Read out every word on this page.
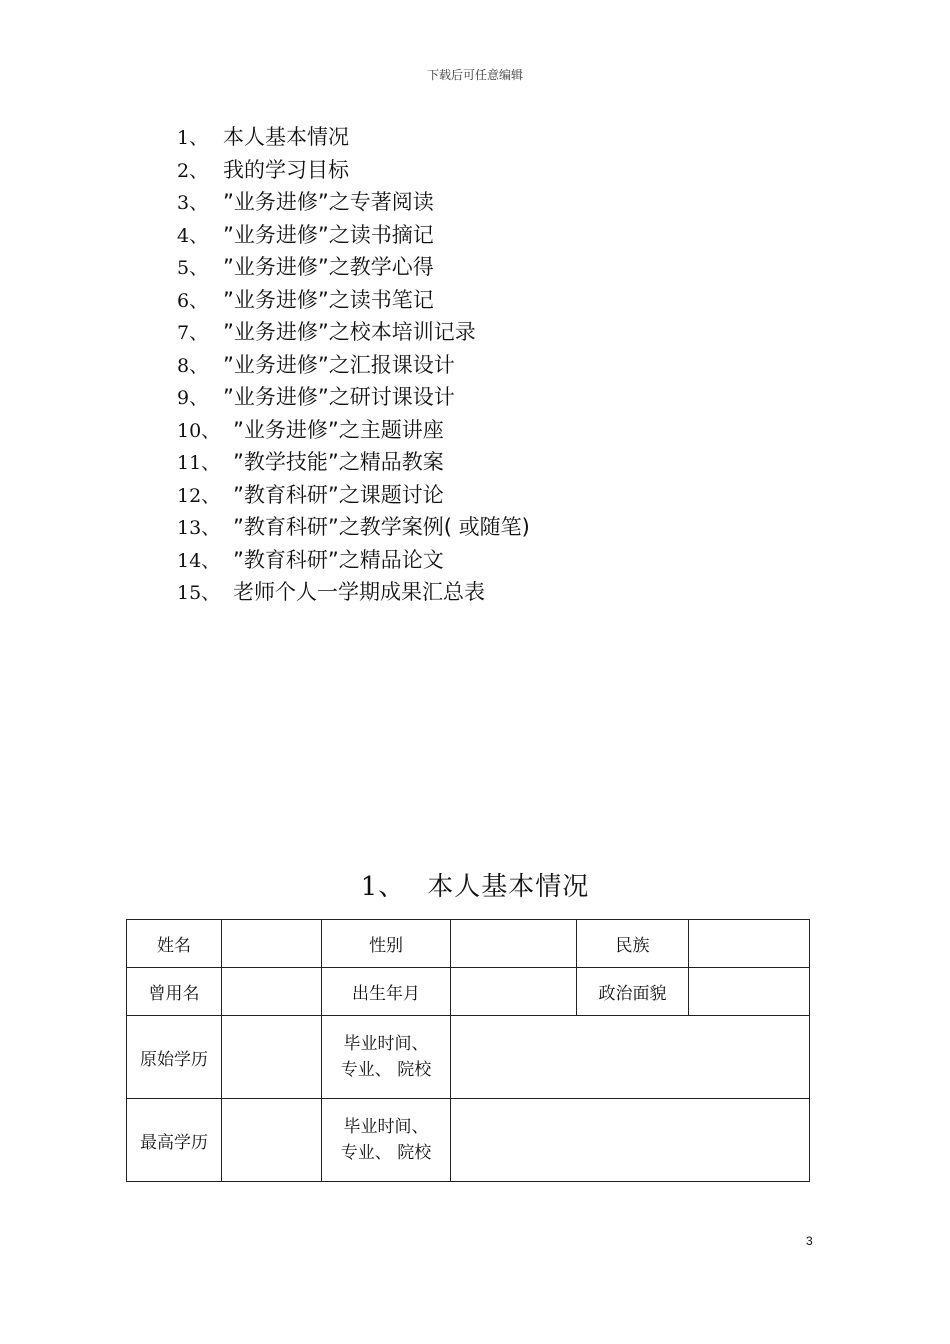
下载后可任意编辑
1、 本人基本情况
2、 我的学习目标
3、 ”业务进修”之专著阅读
4、 ”业务进修”之读书摘记
5、 ”业务进修”之教学心得
6、 ”业务进修”之读书笔记
7、 ”业务进修”之校本培训记录
8、 ”业务进修”之汇报课设计
9、 ”业务进修”之研讨课设计
10、 ”业务进修”之主题讲座
11、 ”教学技能”之精品教案
12、 ”教育科研”之课题讨论
13、 ”教育科研”之教学案例( 或随笔)
14、 ”教育科研”之精品论文
15、 老师个人一学期成果汇总表
1、 本人基本情况
姓名		性别		民族	
曾用名		出生年月		政治面貌	
原始学历		毕业时间、
专业、 院校			

最高学历		毕业时间、
专业、 院校			

3
